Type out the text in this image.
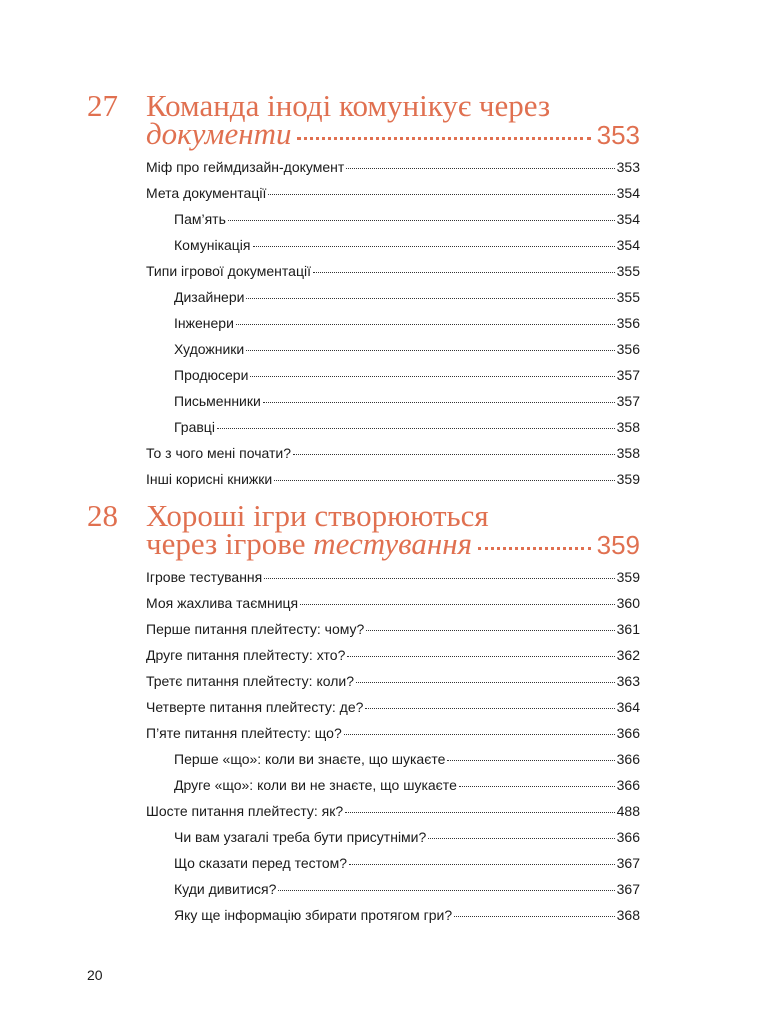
27 Команда іноді комунікує через
документи	353
Міф про геймдизайн-документ	353
Мета документації	354
Пам’ять	354
Комунікація	354
Типи ігрової документації	355
Дизайнери	355
Інженери	356
Художники	356
Продюсери	357
Письменники	357
Гравці	358
То з чого мені почати?	358
Інші корисні книжки	359
28 Хороші ігри створюються
через ігрове
тестування	359
Ігрове тестування	359
Моя жахлива таємниця	360
Перше питання плейтесту: чому?	361
Друге питання плейтесту: хто?	362
Третє питання плейтесту: коли?	363
Четверте питання плейтесту: де?	364
П’яте питання плейтесту: що?	366
Перше «що»: коли ви знаєте, що шукаєте	366
Друге «що»: коли ви не знаєте, що шукаєте	366
Шосте питання плейтесту: як?	488
Чи вам узагалі треба бути присутніми?	366
Що сказати перед тестом?	367
Куди дивитися?	367
Яку ще інформацію збирати протягом гри?	368
20
